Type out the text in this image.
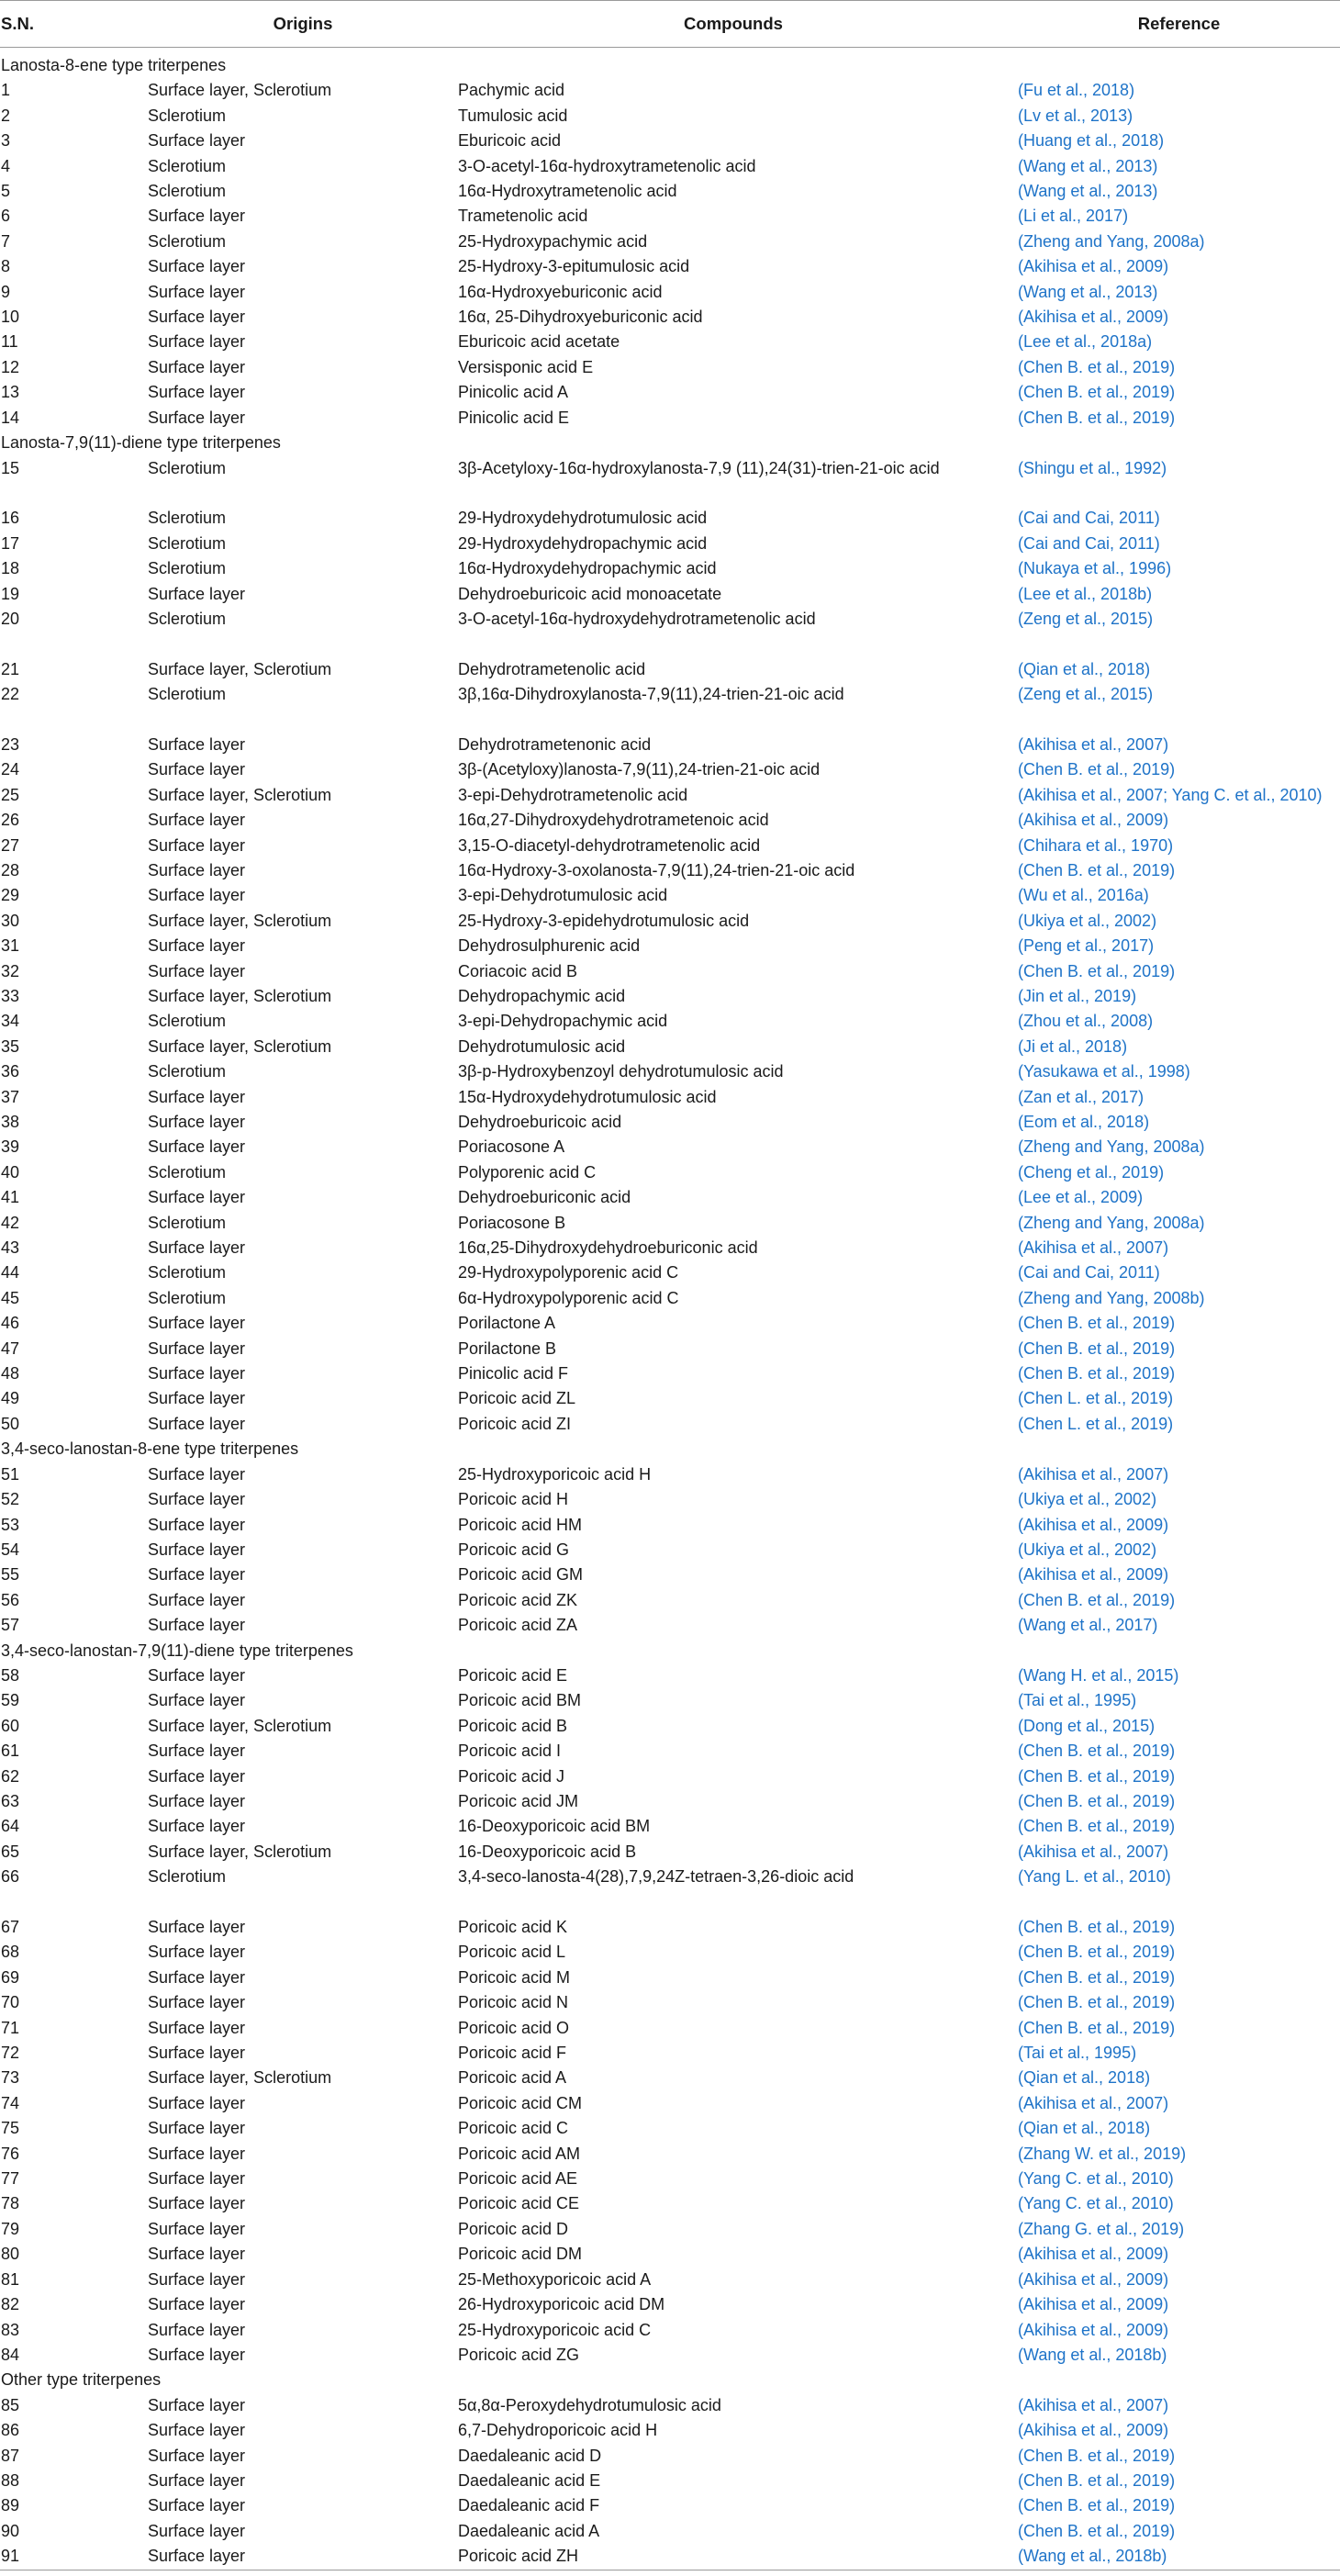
S.N.	Origins	Compounds	Reference

Lanosta-8-ene type triterpenes			
1	Surface layer, Sclerotium	Pachymic acid	(Fu et al., 2018)
2	Sclerotium	Tumulosic acid	(Lv et al., 2013)
3	Surface layer	Eburicoic acid	(Huang et al., 2018)
4	Sclerotium	3-O-acetyl-16α-hydroxytrametenolic acid	(Wang et al., 2013)
5	Sclerotium	16α-Hydroxytrametenolic acid	(Wang et al., 2013)
6	Surface layer	Trametenolic acid	(Li et al., 2017)
7	Sclerotium	25-Hydroxypachymic acid	(Zheng and Yang, 2008a)
8	Surface layer	25-Hydroxy-3-epitumulosic acid	(Akihisa et al., 2009)
9	Surface layer	16α-Hydroxyeburiconic acid	(Wang et al., 2013)
10	Surface layer	16α, 25-Dihydroxyeburiconic acid	(Akihisa et al., 2009)
11	Surface layer	Eburicoic acid acetate	(Lee et al., 2018a)
12	Surface layer	Versisponic acid E	(Chen B. et al., 2019)
13	Surface layer	Pinicolic acid A	(Chen B. et al., 2019)
14	Surface layer	Pinicolic acid E	(Chen B. et al., 2019)
Lanosta-7,9(11)-diene type triterpenes			
15	Sclerotium	3β-Acetyloxy-16α-hydroxylanosta-7,9 (11),24(31)-trien-21-oic acid	(Shingu et al., 1992)
16	Sclerotium	29-Hydroxydehydrotumulosic acid	(Cai and Cai, 2011)
17	Sclerotium	29-Hydroxydehydropachymic acid	(Cai and Cai, 2011)
18	Sclerotium	16α-Hydroxydehydropachymic acid	(Nukaya et al., 1996)
19	Surface layer	Dehydroeburicoic acid monoacetate	(Lee et al., 2018b)
20	Sclerotium	3-O-acetyl-16α-hydroxydehydrotrametenolic acid	(Zeng et al., 2015)
21	Surface layer, Sclerotium	Dehydrotrametenolic acid	(Qian et al., 2018)
22	Sclerotium	3β,16α-Dihydroxylanosta-7,9(11),24-trien-21-oic acid	(Zeng et al., 2015)
23	Surface layer	Dehydrotrametenonic acid	(Akihisa et al., 2007)
24	Surface layer	3β-(Acetyloxy)lanosta-7,9(11),24-trien-21-oic acid	(Chen B. et al., 2019)
25	Surface layer, Sclerotium	3-epi-Dehydrotrametenolic acid	(Akihisa et al., 2007; Yang C. et al., 2010)
26	Surface layer	16α,27-Dihydroxydehydrotrametenoic acid	(Akihisa et al., 2009)
27	Surface layer	3,15-O-diacetyl-dehydrotrametenolic acid	(Chihara et al., 1970)
28	Surface layer	16α-Hydroxy-3-oxolanosta-7,9(11),24-trien-21-oic acid	(Chen B. et al., 2019)
29	Surface layer	3-epi-Dehydrotumulosic acid	(Wu et al., 2016a)
30	Surface layer, Sclerotium	25-Hydroxy-3-epidehydrotumulosic acid	(Ukiya et al., 2002)
31	Surface layer	Dehydrosulphurenic acid	(Peng et al., 2017)
32	Surface layer	Coriacoic acid B	(Chen B. et al., 2019)
33	Surface layer, Sclerotium	Dehydropachymic acid	(Jin et al., 2019)
34	Sclerotium	3-epi-Dehydropachymic acid	(Zhou et al., 2008)
35	Surface layer, Sclerotium	Dehydrotumulosic acid	(Ji et al., 2018)
36	Sclerotium	3β-p-Hydroxybenzoyl dehydrotumulosic acid	(Yasukawa et al., 1998)
37	Surface layer	15α-Hydroxydehydrotumulosic acid	(Zan et al., 2017)
38	Surface layer	Dehydroeburicoic acid	(Eom et al., 2018)
39	Surface layer	Poriacosone A	(Zheng and Yang, 2008a)
40	Sclerotium	Polyporenic acid C	(Cheng et al., 2019)
41	Surface layer	Dehydroeburiconic acid	(Lee et al., 2009)
42	Sclerotium	Poriacosone B	(Zheng and Yang, 2008a)
43	Surface layer	16α,25-Dihydroxydehydroeburiconic acid	(Akihisa et al., 2007)
44	Sclerotium	29-Hydroxypolyporenic acid C	(Cai and Cai, 2011)
45	Sclerotium	6α-Hydroxypolyporenic acid C	(Zheng and Yang, 2008b)
46	Surface layer	Porilactone A	(Chen B. et al., 2019)
47	Surface layer	Porilactone B	(Chen B. et al., 2019)
48	Surface layer	Pinicolic acid F	(Chen B. et al., 2019)
49	Surface layer	Poricoic acid ZL	(Chen L. et al., 2019)
50	Surface layer	Poricoic acid ZI	(Chen L. et al., 2019)
3,4-seco-lanostan-8-ene type triterpenes			
51	Surface layer	25-Hydroxyporicoic acid H	(Akihisa et al., 2007)
52	Surface layer	Poricoic acid H	(Ukiya et al., 2002)
53	Surface layer	Poricoic acid HM	(Akihisa et al., 2009)
54	Surface layer	Poricoic acid G	(Ukiya et al., 2002)
55	Surface layer	Poricoic acid GM	(Akihisa et al., 2009)
56	Surface layer	Poricoic acid ZK	(Chen B. et al., 2019)
57	Surface layer	Poricoic acid ZA	(Wang et al., 2017)
3,4-seco-lanostan-7,9(11)-diene type triterpenes			
58	Surface layer	Poricoic acid E	(Wang H. et al., 2015)
59	Surface layer	Poricoic acid BM	(Tai et al., 1995)
60	Surface layer, Sclerotium	Poricoic acid B	(Dong et al., 2015)
61	Surface layer	Poricoic acid I	(Chen B. et al., 2019)
62	Surface layer	Poricoic acid J	(Chen B. et al., 2019)
63	Surface layer	Poricoic acid JM	(Chen B. et al., 2019)
64	Surface layer	16-Deoxyporicoic acid BM	(Chen B. et al., 2019)
65	Surface layer, Sclerotium	16-Deoxyporicoic acid B	(Akihisa et al., 2007)
66	Sclerotium	3,4-seco-lanosta-4(28),7,9,24Z-tetraen-3,26-dioic acid	(Yang L. et al., 2010)
67	Surface layer	Poricoic acid K	(Chen B. et al., 2019)
68	Surface layer	Poricoic acid L	(Chen B. et al., 2019)
69	Surface layer	Poricoic acid M	(Chen B. et al., 2019)
70	Surface layer	Poricoic acid N	(Chen B. et al., 2019)
71	Surface layer	Poricoic acid O	(Chen B. et al., 2019)
72	Surface layer	Poricoic acid F	(Tai et al., 1995)
73	Surface layer, Sclerotium	Poricoic acid A	(Qian et al., 2018)
74	Surface layer	Poricoic acid CM	(Akihisa et al., 2007)
75	Surface layer	Poricoic acid C	(Qian et al., 2018)
76	Surface layer	Poricoic acid AM	(Zhang W. et al., 2019)
77	Surface layer	Poricoic acid AE	(Yang C. et al., 2010)
78	Surface layer	Poricoic acid CE	(Yang C. et al., 2010)
79	Surface layer	Poricoic acid D	(Zhang G. et al., 2019)
80	Surface layer	Poricoic acid DM	(Akihisa et al., 2009)
81	Surface layer	25-Methoxyporicoic acid A	(Akihisa et al., 2009)
82	Surface layer	26-Hydroxyporicoic acid DM	(Akihisa et al., 2009)
83	Surface layer	25-Hydroxyporicoic acid C	(Akihisa et al., 2009)
84	Surface layer	Poricoic acid ZG	(Wang et al., 2018b)
Other type triterpenes			
85	Surface layer	5α,8α-Peroxydehydrotumulosic acid	(Akihisa et al., 2007)
86	Surface layer	6,7-Dehydroporicoic acid H	(Akihisa et al., 2009)
87	Surface layer	Daedaleanic acid D	(Chen B. et al., 2019)
88	Surface layer	Daedaleanic acid E	(Chen B. et al., 2019)
89	Surface layer	Daedaleanic acid F	(Chen B. et al., 2019)
90	Surface layer	Daedaleanic acid A	(Chen B. et al., 2019)
91	Surface layer	Poricoic acid ZH	(Wang et al., 2018b)
